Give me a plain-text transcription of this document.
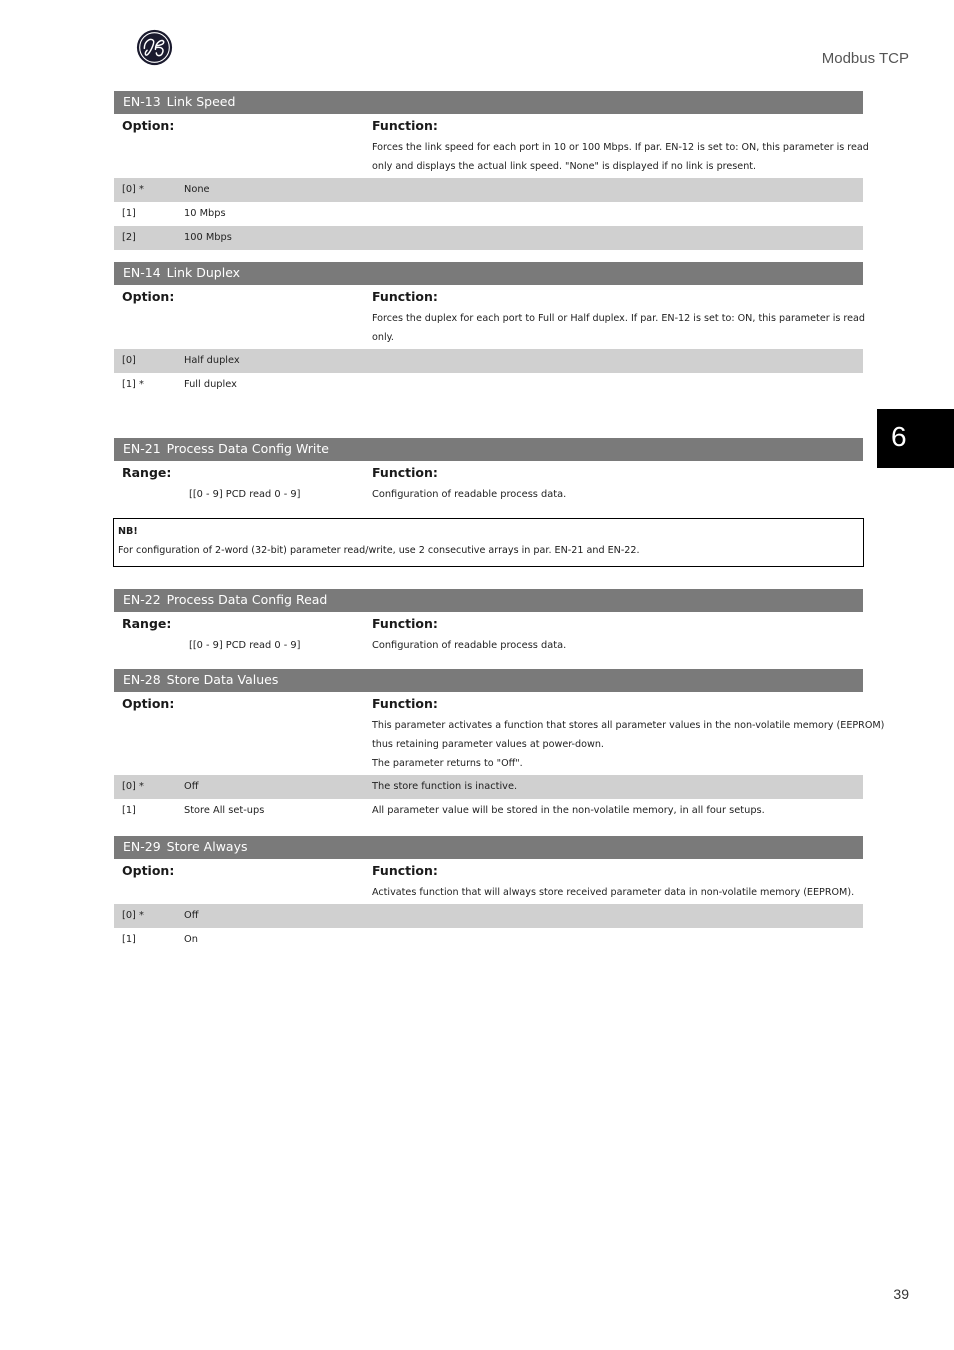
Modbus TCP
6
EN-13 Link Speed
Option:	Function:
Forces the link speed for each port in 10 or 100 Mbps. If par. EN-12 is set to: ON, this parameter is read
only and displays the actual link speed. "None" is displayed if no link is present.
[0] *	None
[1]	10 Mbps
[2]	100 Mbps
EN-14 Link Duplex
Option:	Function:
Forces the duplex for each port to Full or Half duplex. If par. EN-12 is set to: ON, this parameter is read
only.
[0]	Half duplex
[1] *	Full duplex
EN-21 Process Data Config Write
Range:	Function:
[[0 - 9] PCD read 0 - 9]	Configuration of readable process data.
NB!
For configuration of 2-word (32-bit) parameter read/write, use 2 consecutive arrays in par. EN-21 and EN-22.
EN-22 Process Data Config Read
Range:	Function:
[[0 - 9] PCD read 0 - 9]	Configuration of readable process data.
EN-28 Store Data Values
Option:	Function:
This parameter activates a function that stores all parameter values in the non-volatile memory (EEPROM)
thus retaining parameter values at power-down.
The parameter returns to "Off".
[0] *	Off	The store function is inactive.
[1]	Store All set-ups	All parameter value will be stored in the non-volatile memory, in all four setups.
EN-29 Store Always
Option:	Function:
Activates function that will always store received parameter data in non-volatile memory (EEPROM).
[0] *	Off
[1]	On
39
